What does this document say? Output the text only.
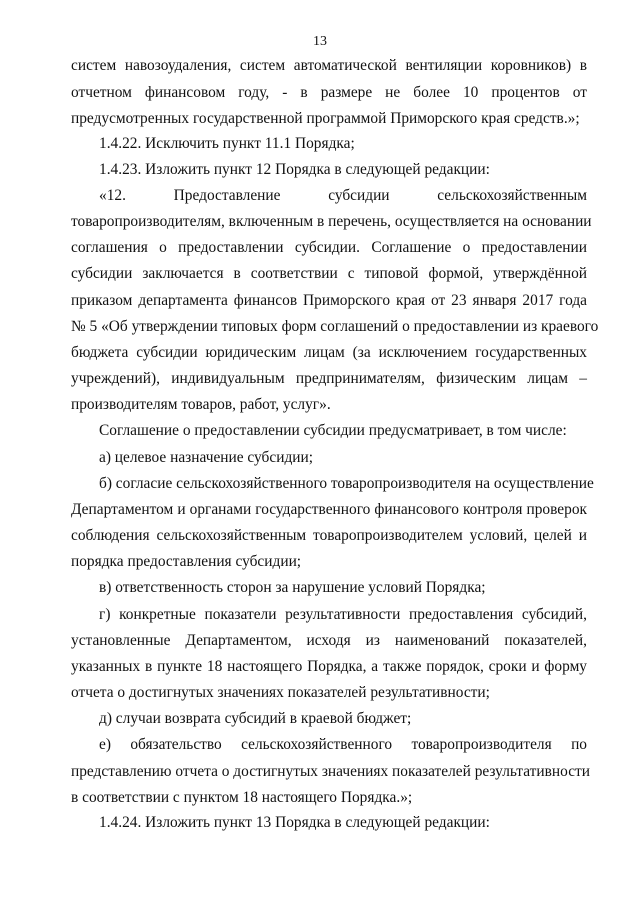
13
систем навозоудаления, систем автоматической вентиляции коровников) в
отчетном финансовом году, - в размере не более 10 процентов от
предусмотренных государственной программой Приморского края средств.»;
1.4.22. Исключить пункт 11.1 Порядка;
1.4.23. Изложить пункт 12 Порядка в следующей редакции:
«12. Предоставление субсидии сельскохозяйственным
товаропроизводителям, включенным в перечень, осуществляется на основании
соглашения о предоставлении субсидии. Соглашение о предоставлении
субсидии заключается в соответствии с типовой формой, утверждённой
приказом департамента финансов Приморского края от 23 января 2017 года
№ 5 «Об утверждении типовых форм соглашений о предоставлении из краевого
бюджета субсидии юридическим лицам (за исключением государственных
учреждений), индивидуальным предпринимателям, физическим лицам –
производителям товаров, работ, услуг».
Соглашение о предоставлении субсидии предусматривает, в том числе:
а) целевое назначение субсидии;
б) согласие сельскохозяйственного товаропроизводителя на осуществление
Департаментом и органами государственного финансового контроля проверок
соблюдения сельскохозяйственным товаропроизводителем условий, целей и
порядка предоставления субсидии;
в) ответственность сторон за нарушение условий Порядка;
г) конкретные показатели результативности предоставления субсидий,
установленные Департаментом, исходя из наименований показателей,
указанных в пункте 18 настоящего Порядка, а также порядок, сроки и форму
отчета о достигнутых значениях показателей результативности;
д) случаи возврата субсидий в краевой бюджет;
е) обязательство сельскохозяйственного товаропроизводителя по
представлению отчета о достигнутых значениях показателей результативности
в соответствии с пунктом 18 настоящего Порядка.»;
1.4.24. Изложить пункт 13 Порядка в следующей редакции:
